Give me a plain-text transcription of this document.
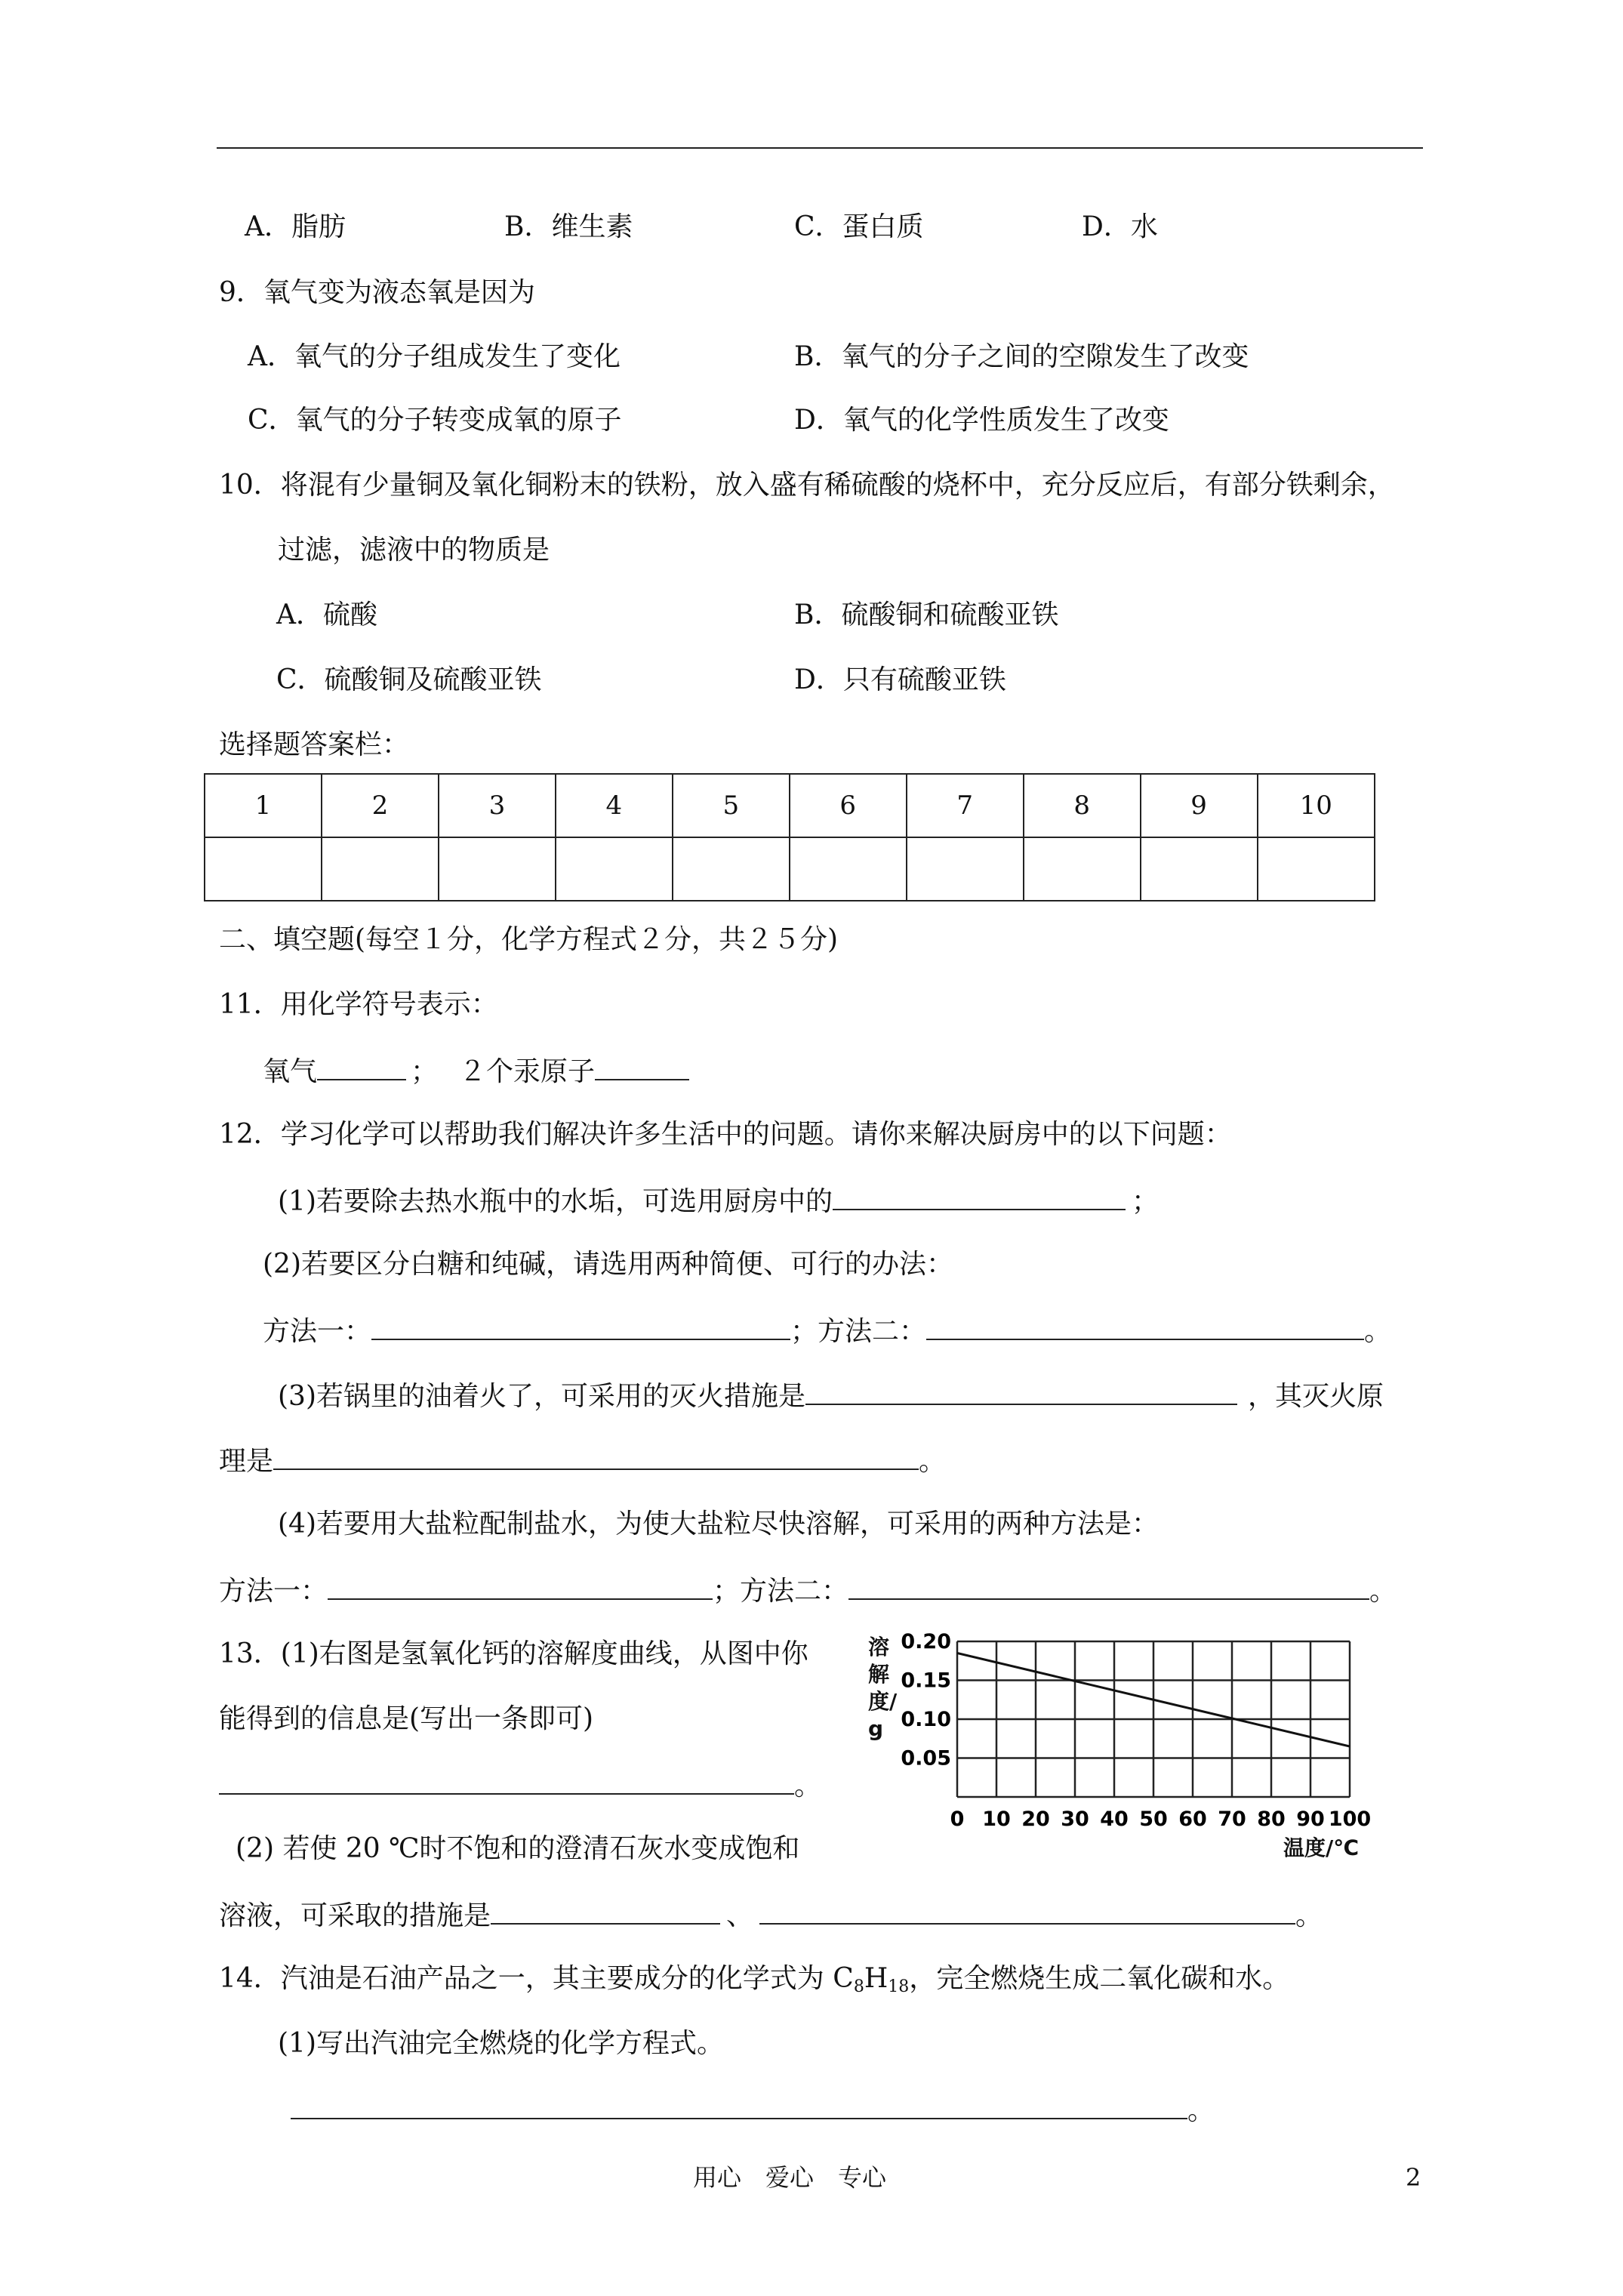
A．脂肪	B．维生素	C．蛋白质	D．水
9．氧气变为液态氧是因为
A．氧气的分子组成发生了变化	B．氧气的分子之间的空隙发生了改变
C．氧气的分子转变成氧的原子	D．氧气的化学性质发生了改变
10．将混有少量铜及氧化铜粉末的铁粉，放入盛有稀硫酸的烧杯中，充分反应后，有部分铁剩余，
过滤，滤液中的物质是
A．硫酸	B．硫酸铜和硫酸亚铁
C．硫酸铜及硫酸亚铁	D．只有硫酸亚铁
选择题答案栏：
1	2	3	4	5	6	7	8	9	10

二、填空题(每空１分，化学方程式２分，共２５分)
11．用化学符号表示：
氧气	； ２个汞原子
12．学习化学可以帮助我们解决许多生活中的问题。请你来解决厨房中的以下问题：
(1)若要除去热水瓶中的水垢，可选用厨房中的	；
(2)若要区分白糖和纯碱，请选用两种简便、可行的办法：
方法一：	；方法二：	。
(3)若锅里的油着火了，可采用的灭火措施是	，其灭火原
理是	。
(4)若要用大盐粒配制盐水，为使大盐粒尽快溶解，可采用的两种方法是：
方法一：	；方法二：	。
13．(1)右图是氢氧化钙的溶解度曲线，从图中你
能得到的信息是(写出一条即可)
。
(2) 若使 20 ℃时不饱和的澄清石灰水变成饱和
溶液，可采取的措施是	、	。
0 10 20 30 40 50 60 70 80 90 100
0.20
0.15
0.10
0.05
溶解度/g
温度/℃
14．汽油是石油产品之一，其主要成分的化学式为 $C_8H_{18}$，完全燃烧生成二氧化碳和水。
(1)写出汽油完全燃烧的化学方程式。
。
用心　爱心　专心	2
